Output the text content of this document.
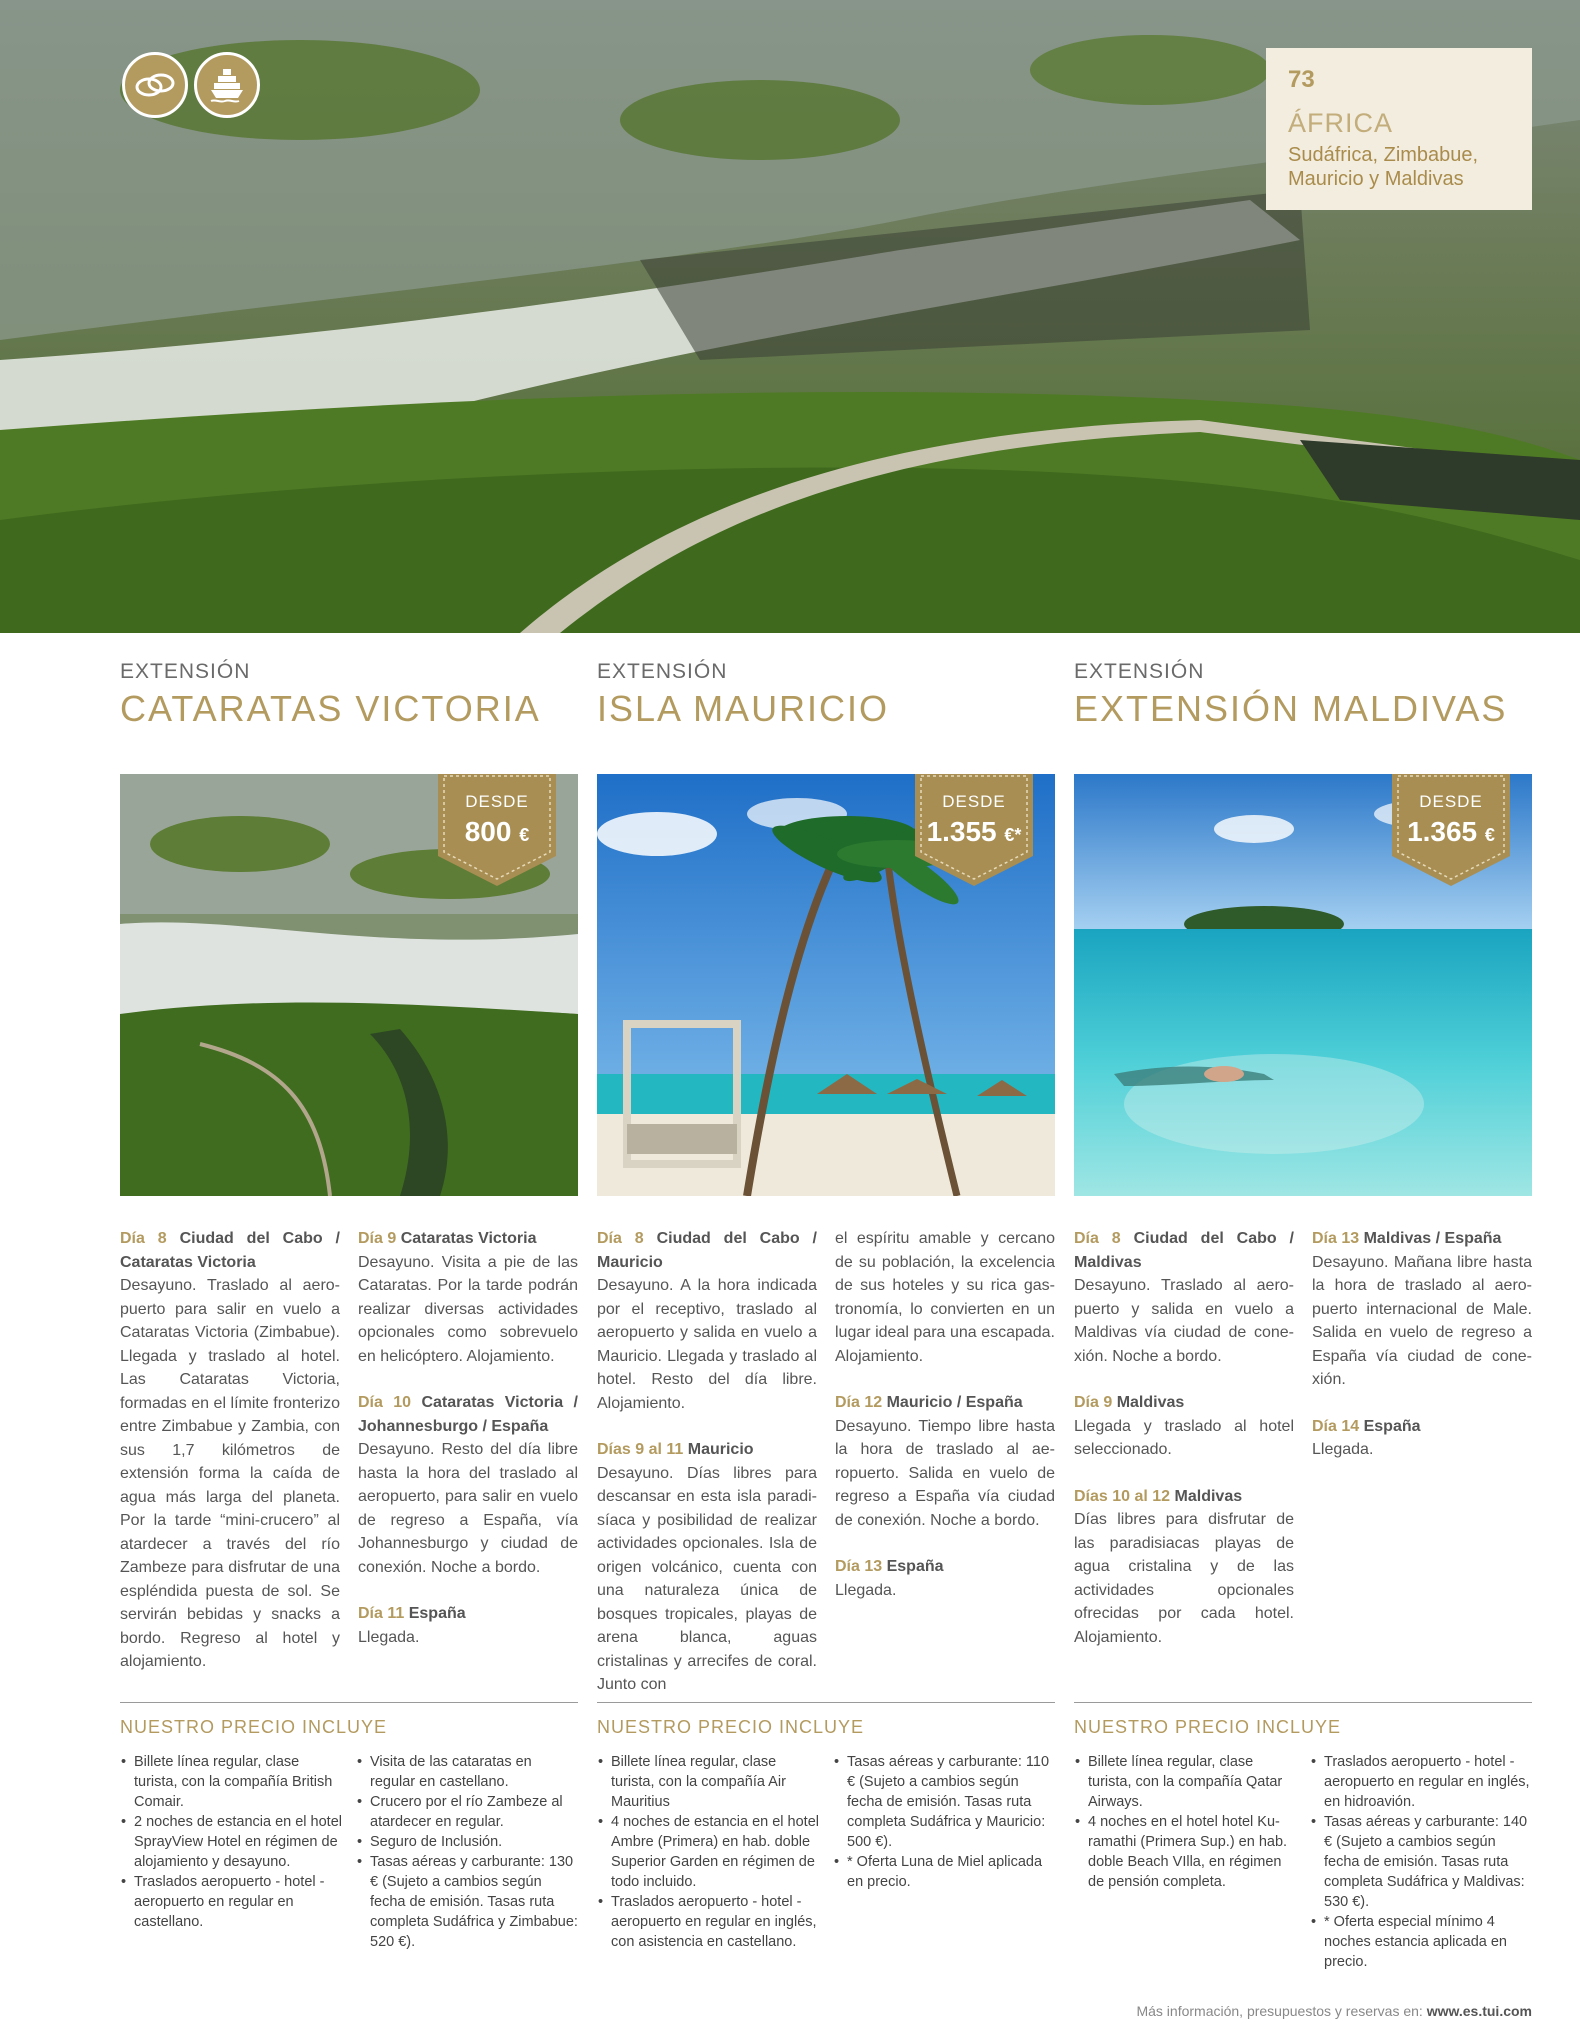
73
ÁFRICA
Sudáfrica, Zimbabue,
Mauricio y Maldivas
EXTENSIÓN
CATARATAS VICTORIA
DESDE
800 €

Día 8 Ciudad del Cabo / Cataratas Victoria
Desayuno. Traslado al aeropuerto para salir en vuelo a Cataratas Victoria (Zimbabue). Llegada y traslado al hotel. Las Cataratas Victoria, formadas en el límite fronterizo entre Zimbabue y Zambia, con sus 1,7 kilómetros de extensión forma la caída de agua más larga del planeta. Por la tarde “mini-crucero” al atardecer a través del río Zambeze para disfrutar de una espléndida puesta de sol. Se servirán bebidas y snacks a bordo. Regreso al hotel y alojamiento.

Día 9 Cataratas Victoria
Desayuno. Visita a pie de las Cataratas. Por la tarde podrán realizar diversas actividades opcionales como sobrevuelo en helicóptero. Alojamiento.

Día 10 Cataratas Victoria / Johannesburgo / España
Desayuno. Resto del día libre hasta la hora del traslado al aeropuerto, para salir en vuelo de regreso a España, vía Johannesburgo y ciudad de conexión. Noche a bordo.

Día 11 España
Llegada.

NUESTRO PRECIO INCLUYE
• Billete línea regular, clase turista, con la compañía British Comair.
• 2 noches de estancia en el hotel SprayView Hotel en régimen de alojamiento y desayuno.
• Traslados aeropuerto - hotel - aeropuerto en regular en castellano.
• Visita de las cataratas en regular en castellano.
• Crucero por el río Zambeze al atardecer en regular.
• Seguro de Inclusión.
• Tasas aéreas y carburante: 130 € (Sujeto a cambios según fecha de emisión. Tasas ruta completa Sudáfrica y Zimbabue: 520 €).
EXTENSIÓN
ISLA MAURICIO
DESDE
1.355 €*

Día 8 Ciudad del Cabo / Mauricio
Desayuno. A la hora indicada por el receptivo, traslado al aeropuerto y salida en vuelo a Mauricio. Llegada y traslado al hotel. Resto del día libre. Alojamiento.

Días 9 al 11 Mauricio
Desayuno. Días libres para descansar en esta isla paradisíaca y posibilidad de realizar actividades opcionales. Isla de origen volcánico, cuenta con una naturaleza única de bosques tropicales, playas de arena blanca, aguas cristalinas y arrecifes de coral. Junto con

el espíritu amable y cercano de su población, la excelencia de sus hoteles y su rica gastronomía, lo convierten en un lugar ideal para una escapada. Alojamiento.

Día 12 Mauricio / España
Desayuno. Tiempo libre hasta la hora de traslado al aeropuerto. Salida en vuelo de regreso a España vía ciudad de conexión. Noche a bordo.

Día 13 España
Llegada.

NUESTRO PRECIO INCLUYE
• Billete línea regular, clase turista, con la compañía Air Mauritius
• 4 noches de estancia en el hotel Ambre (Primera) en hab. doble Superior Garden en régimen de todo incluido.
• Traslados aeropuerto - hotel - aeropuerto en regular en inglés, con asistencia en castellano.
• Tasas aéreas y carburante: 110 € (Sujeto a cambios según fecha de emisión. Tasas ruta completa Sudáfrica y Mauricio: 500 €).
• * Oferta Luna de Miel aplicada en precio.
EXTENSIÓN
EXTENSIÓN MALDIVAS
DESDE
1.365 €

Día 8 Ciudad del Cabo / Maldivas
Desayuno. Traslado al aeropuerto y salida en vuelo a Maldivas vía ciudad de conexión. Noche a bordo.

Día 9 Maldivas
Llegada y traslado al hotel seleccionado.

Días 10 al 12 Maldivas
Días libres para disfrutar de las paradisiacas playas de agua cristalina y de las actividades opcionales ofrecidas por cada hotel. Alojamiento.

Día 13 Maldivas / España
Desayuno. Mañana libre hasta la hora de traslado al aeropuerto internacional de Male. Salida en vuelo de regreso a España vía ciudad de conexión.

Día 14 España
Llegada.

NUESTRO PRECIO INCLUYE
• Billete línea regular, clase turista, con la compañía Qatar Airways.
• 4 noches en el hotel hotel Kuramathi (Primera Sup.) en hab. doble Beach VIlla, en régimen de pensión completa.
• Traslados aeropuerto - hotel - aeropuerto en regular en inglés, en hidroavión.
• Tasas aéreas y carburante: 140 € (Sujeto a cambios según fecha de emisión. Tasas ruta completa Sudáfrica y Maldivas: 530 €).
• * Oferta especial mínimo 4 noches estancia aplicada en precio.
Más información, presupuestos y reservas en: www.es.tui.com
